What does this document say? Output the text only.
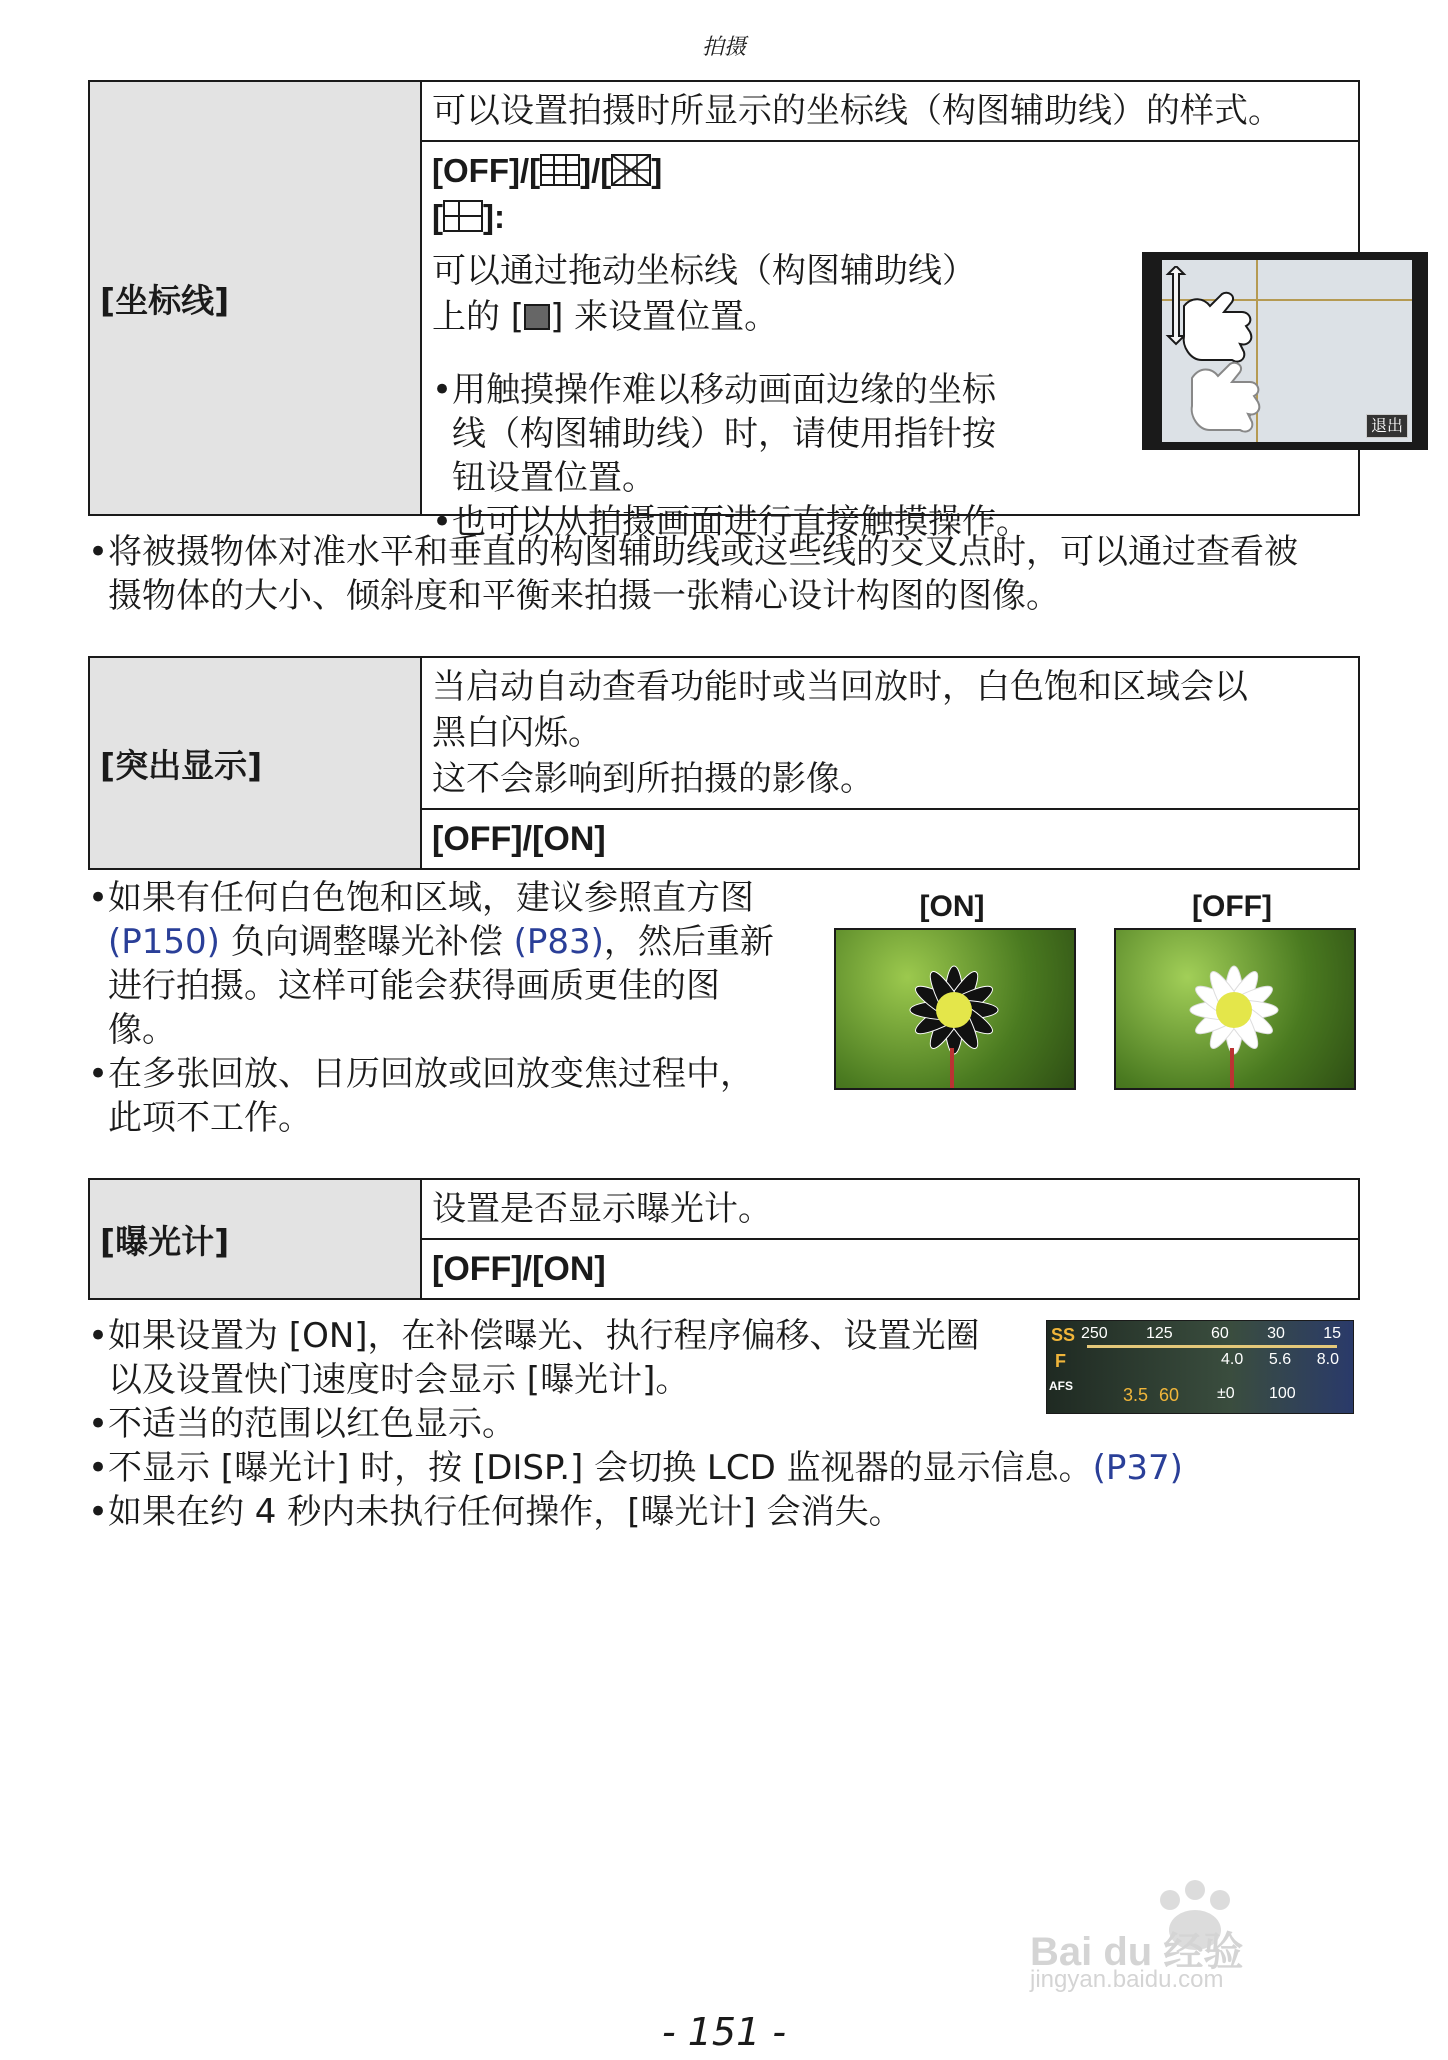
拍摄
[坐标线]	可以设置拍摄时所显示的坐标线（构图辅助线）的样式。

[OFF]/[ ]/[ ]
[ ]:
可以通过拖动坐标线（构图辅助线）
上的 [ ] 来设置位置。
• 用触摸操作难以移动画面边缘的坐标
线（构图辅助线）时，请使用指针按
钮设置位置。
• 也可以从拍摄画面进行直接触摸操作。
退出
• 将被摄物体对准水平和垂直的构图辅助线或这些线的交叉点时，可以通过查看被
摄物体的大小、倾斜度和平衡来拍摄一张精心设计构图的图像。
[突出显示]	当启动自动查看功能时或当回放时，白色饱和区域会以
黑白闪烁。
这不会影响到所拍摄的影像。
[OFF]/[ON]
• 如果有任何白色饱和区域，建议参照直方图
(P150) 负向调整曝光补偿 (P83)，然后重新
进行拍摄。这样可能会获得画质更佳的图
像。
• 在多张回放、日历回放或回放变焦过程中，
此项不工作。
[ON]	[OFF]
[曝光计]	设置是否显示曝光计。
[OFF]/[ON]
SS
F
250 125 60 30 15
4.0 5.6 8.0
AFS	3.5 60 ±0 100
• 如果设置为 [ON]，在补偿曝光、执行程序偏移、设置光圈
以及设置快门速度时会显示 [曝光计]。
• 不适当的范围以红色显示。
• 不显示 [曝光计] 时，按 [DISP.] 会切换 LCD 监视器的显示信息。(P37)
• 如果在约 4 秒内未执行任何操作，[曝光计] 会消失。
Bai du 经验
jingyan.baidu.com
- 151 -
